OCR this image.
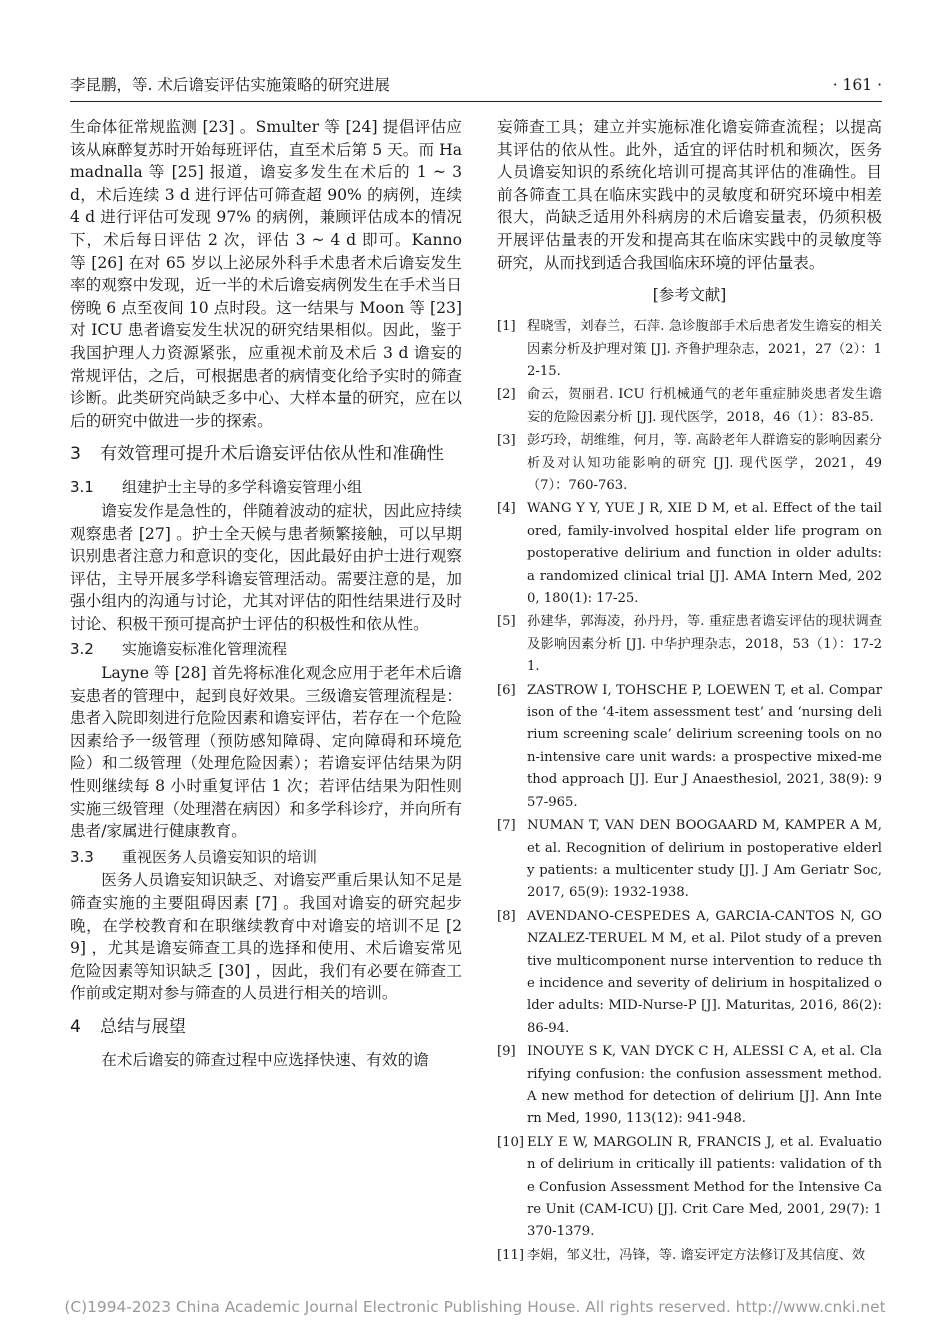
李昆鹏，等. 术后谵妄评估实施策略的研究进展	· 161 ·

生命体征常规监测 [23] 。Smulter 等 [24] 提倡评估应该从麻醉复苏时开始每班评估，直至术后第 5 天。而 Hamadnalla 等 [25] 报道，谵妄多发生在术后的 1 ~ 3 d，术后连续 3 d 进行评估可筛查超 90% 的病例，连续 4 d 进行评估可发现 97% 的病例，兼顾评估成本的情况下，术后每日评估 2 次，评估 3 ~ 4 d 即可。Kanno 等 [26] 在对 65 岁以上泌尿外科手术患者术后谵妄发生率的观察中发现，近一半的术后谵妄病例发生在手术当日傍晚 6 点至夜间 10 点时段。这一结果与 Moon 等 [23] 对 ICU 患者谵妄发生状况的研究结果相似。因此，鉴于我国护理人力资源紧张，应重视术前及术后 3 d 谵妄的常规评估，之后，可根据患者的病情变化给予实时的筛查诊断。此类研究尚缺乏多中心、大样本量的研究，应在以后的研究中做进一步的探索。

3 有效管理可提升术后谵妄评估依从性和准确性
3.1 组建护士主导的多学科谵妄管理小组

谵妄发作是急性的，伴随着波动的症状，因此应持续观察患者 [27] 。护士全天候与患者频繁接触，可以早期识别患者注意力和意识的变化，因此最好由护士进行观察评估，主导开展多学科谵妄管理活动。需要注意的是，加强小组内的沟通与讨论，尤其对评估的阳性结果进行及时讨论、积极干预可提高护士评估的积极性和依从性。

3.2 实施谵妄标准化管理流程

Layne 等 [28] 首先将标准化观念应用于老年术后谵妄患者的管理中，起到良好效果。三级谵妄管理流程是：患者入院即刻进行危险因素和谵妄评估，若存在一个危险因素给予一级管理（预防感知障碍、定向障碍和环境危险）和二级管理（处理危险因素）；若谵妄评估结果为阴性则继续每 8 小时重复评估 1 次；若评估结果为阳性则实施三级管理（处理潜在病因）和多学科诊疗，并向所有患者/家属进行健康教育。

3.3 重视医务人员谵妄知识的培训

医务人员谵妄知识缺乏、对谵妄严重后果认知不足是筛查实施的主要阻碍因素 [7] 。我国对谵妄的研究起步晚，在学校教育和在职继续教育中对谵妄的培训不足 [29] ，尤其是谵妄筛查工具的选择和使用、术后谵妄常见危险因素等知识缺乏 [30] ，因此，我们有必要在筛查工作前或定期对参与筛查的人员进行相关的培训。

4 总结与展望

在术后谵妄的筛查过程中应选择快速、有效的谵

妄筛查工具；建立并实施标准化谵妄筛查流程；以提高其评估的依从性。此外，适宜的评估时机和频次，医务人员谵妄知识的系统化培训可提高其评估的准确性。目前各筛查工具在临床实践中的灵敏度和研究环境中相差很大，尚缺乏适用外科病房的术后谵妄量表，仍须积极开展评估量表的开发和提高其在临床实践中的灵敏度等研究，从而找到适合我国临床环境的评估量表。

[参考文献]
[1] 程晓雪，刘春兰，石萍. 急诊腹部手术后患者发生谵妄的相关因素分析及护理对策 [J]. 齐鲁护理杂志，2021，27（2）：12-15.
[2] 俞云，贺丽君. ICU 行机械通气的老年重症肺炎患者发生谵妄的危险因素分析 [J]. 现代医学，2018，46（1）：83-85.
[3] 彭巧玲，胡维维，何月，等. 高龄老年人群谵妄的影响因素分析及对认知功能影响的研究 [J]. 现代医学，2021，49（7）：760-763.
[4] WANG Y Y, YUE J R, XIE D M, et al. Effect of the tailored, family-involved hospital elder life program on postoperative delirium and function in older adults: a randomized clinical trial [J]. AMA Intern Med, 2020, 180(1): 17-25.
[5] 孙建华，郭海凌，孙丹丹，等. 重症患者谵妄评估的现状调查及影响因素分析 [J]. 中华护理杂志，2018，53（1）：17-21.
[6] ZASTROW I, TOHSCHE P, LOEWEN T, et al. Comparison of the ‘4-item assessment test’ and ‘nursing delirium screening scale’ delirium screening tools on non-intensive care unit wards: a prospective mixed-method approach [J]. Eur J Anaesthesiol, 2021, 38(9): 957-965.
[7] NUMAN T, VAN DEN BOOGAARD M, KAMPER A M, et al. Recognition of delirium in postoperative elderly patients: a multicenter study [J]. J Am Geriatr Soc, 2017, 65(9): 1932-1938.
[8] AVENDANO-CESPEDES A, GARCIA-CANTOS N, GONZALEZ-TERUEL M M, et al. Pilot study of a preventive multicomponent nurse intervention to reduce the incidence and severity of delirium in hospitalized older adults: MID-Nurse-P [J]. Maturitas, 2016, 86(2): 86-94.
[9] INOUYE S K, VAN DYCK C H, ALESSI C A, et al. Clarifying confusion: the confusion assessment method. A new method for detection of delirium [J]. Ann Intern Med, 1990, 113(12): 941-948.
[10] ELY E W, MARGOLIN R, FRANCIS J, et al. Evaluation of delirium in critically ill patients: validation of the Confusion Assessment Method for the Intensive Care Unit (CAM-ICU) [J]. Crit Care Med, 2001, 29(7): 1370-1379.
[11] 李娟，邹义壮，冯锋，等. 谵妄评定方法修订及其信度、效
(C)1994-2023 China Academic Journal Electronic Publishing House. All rights reserved. http://www.cnki.net
